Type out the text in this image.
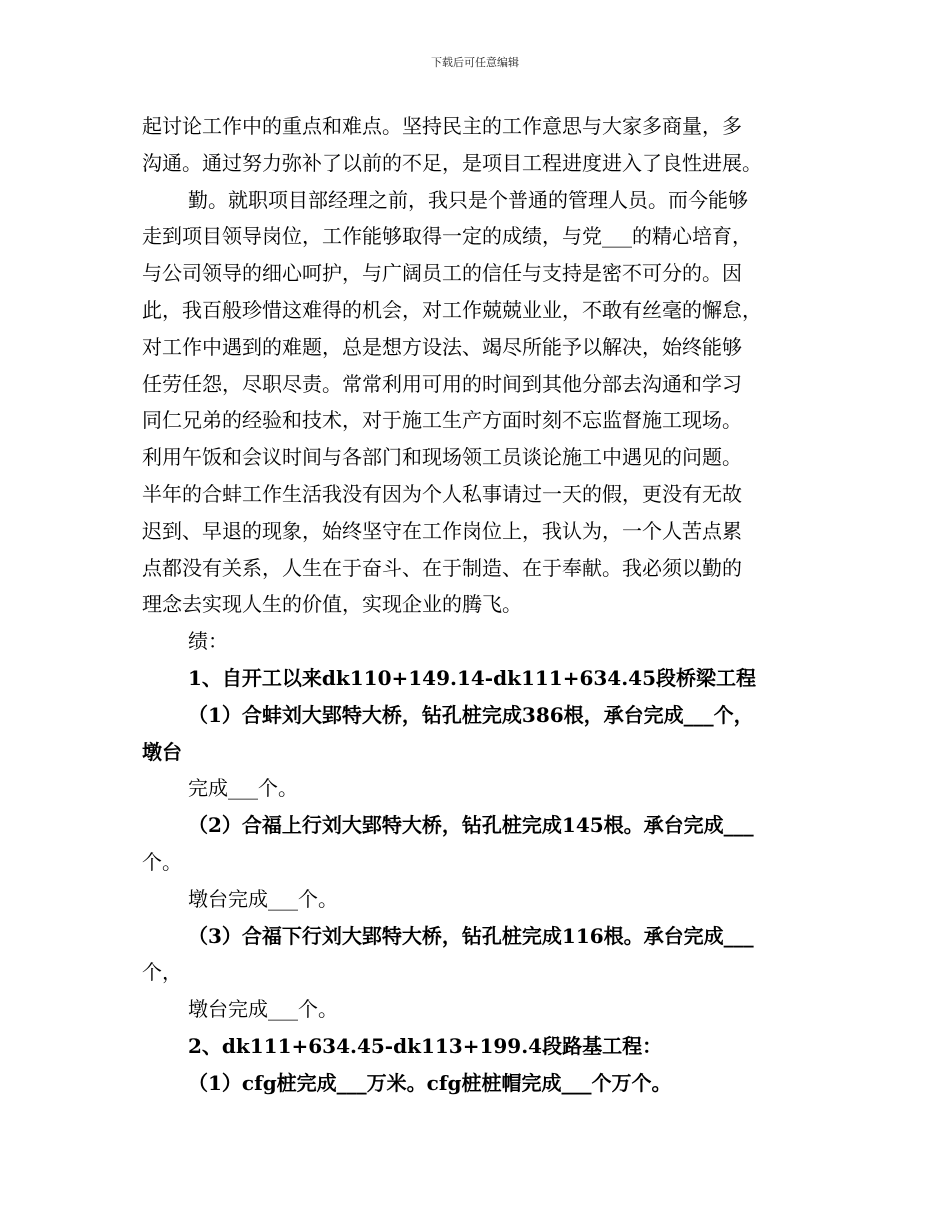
下载后可任意编辑
起讨论工作中的重点和难点。坚持民主的工作意思与大家多商量，多
沟通。通过努力弥补了以前的不足，是项目工程进度进入了良性进展。
勤。就职项目部经理之前，我只是个普通的管理人员。而今能够
走到项目领导岗位，工作能够取得一定的成绩，与党___的精心培育，
与公司领导的细心呵护，与广阔员工的信任与支持是密不可分的。因
此，我百般珍惜这难得的机会，对工作兢兢业业，不敢有丝毫的懈怠，
对工作中遇到的难题，总是想方设法、竭尽所能予以解决，始终能够
任劳任怨，尽职尽责。常常利用可用的时间到其他分部去沟通和学习
同仁兄弟的经验和技术，对于施工生产方面时刻不忘监督施工现场。
利用午饭和会议时间与各部门和现场领工员谈论施工中遇见的问题。
半年的合蚌工作生活我没有因为个人私事请过一天的假，更没有无故
迟到、早退的现象，始终坚守在工作岗位上，我认为，一个人苦点累
点都没有关系，人生在于奋斗、在于制造、在于奉献。我必须以勤的
理念去实现人生的价值，实现企业的腾飞。
绩：
1、自开工以来dk110+149.14-dk111+634.45段桥梁工程
（1）合蚌刘大郢特大桥，钻孔桩完成386根，承台完成___个，
墩台
完成___个。
（2）合福上行刘大郢特大桥，钻孔桩完成145根。承台完成___
个。
墩台完成___个。
（3）合福下行刘大郢特大桥，钻孔桩完成116根。承台完成___
个，
墩台完成___个。
2、dk111+634.45-dk113+199.4段路基工程：
（1）cfg桩完成___万米。cfg桩桩帽完成___个万个。
